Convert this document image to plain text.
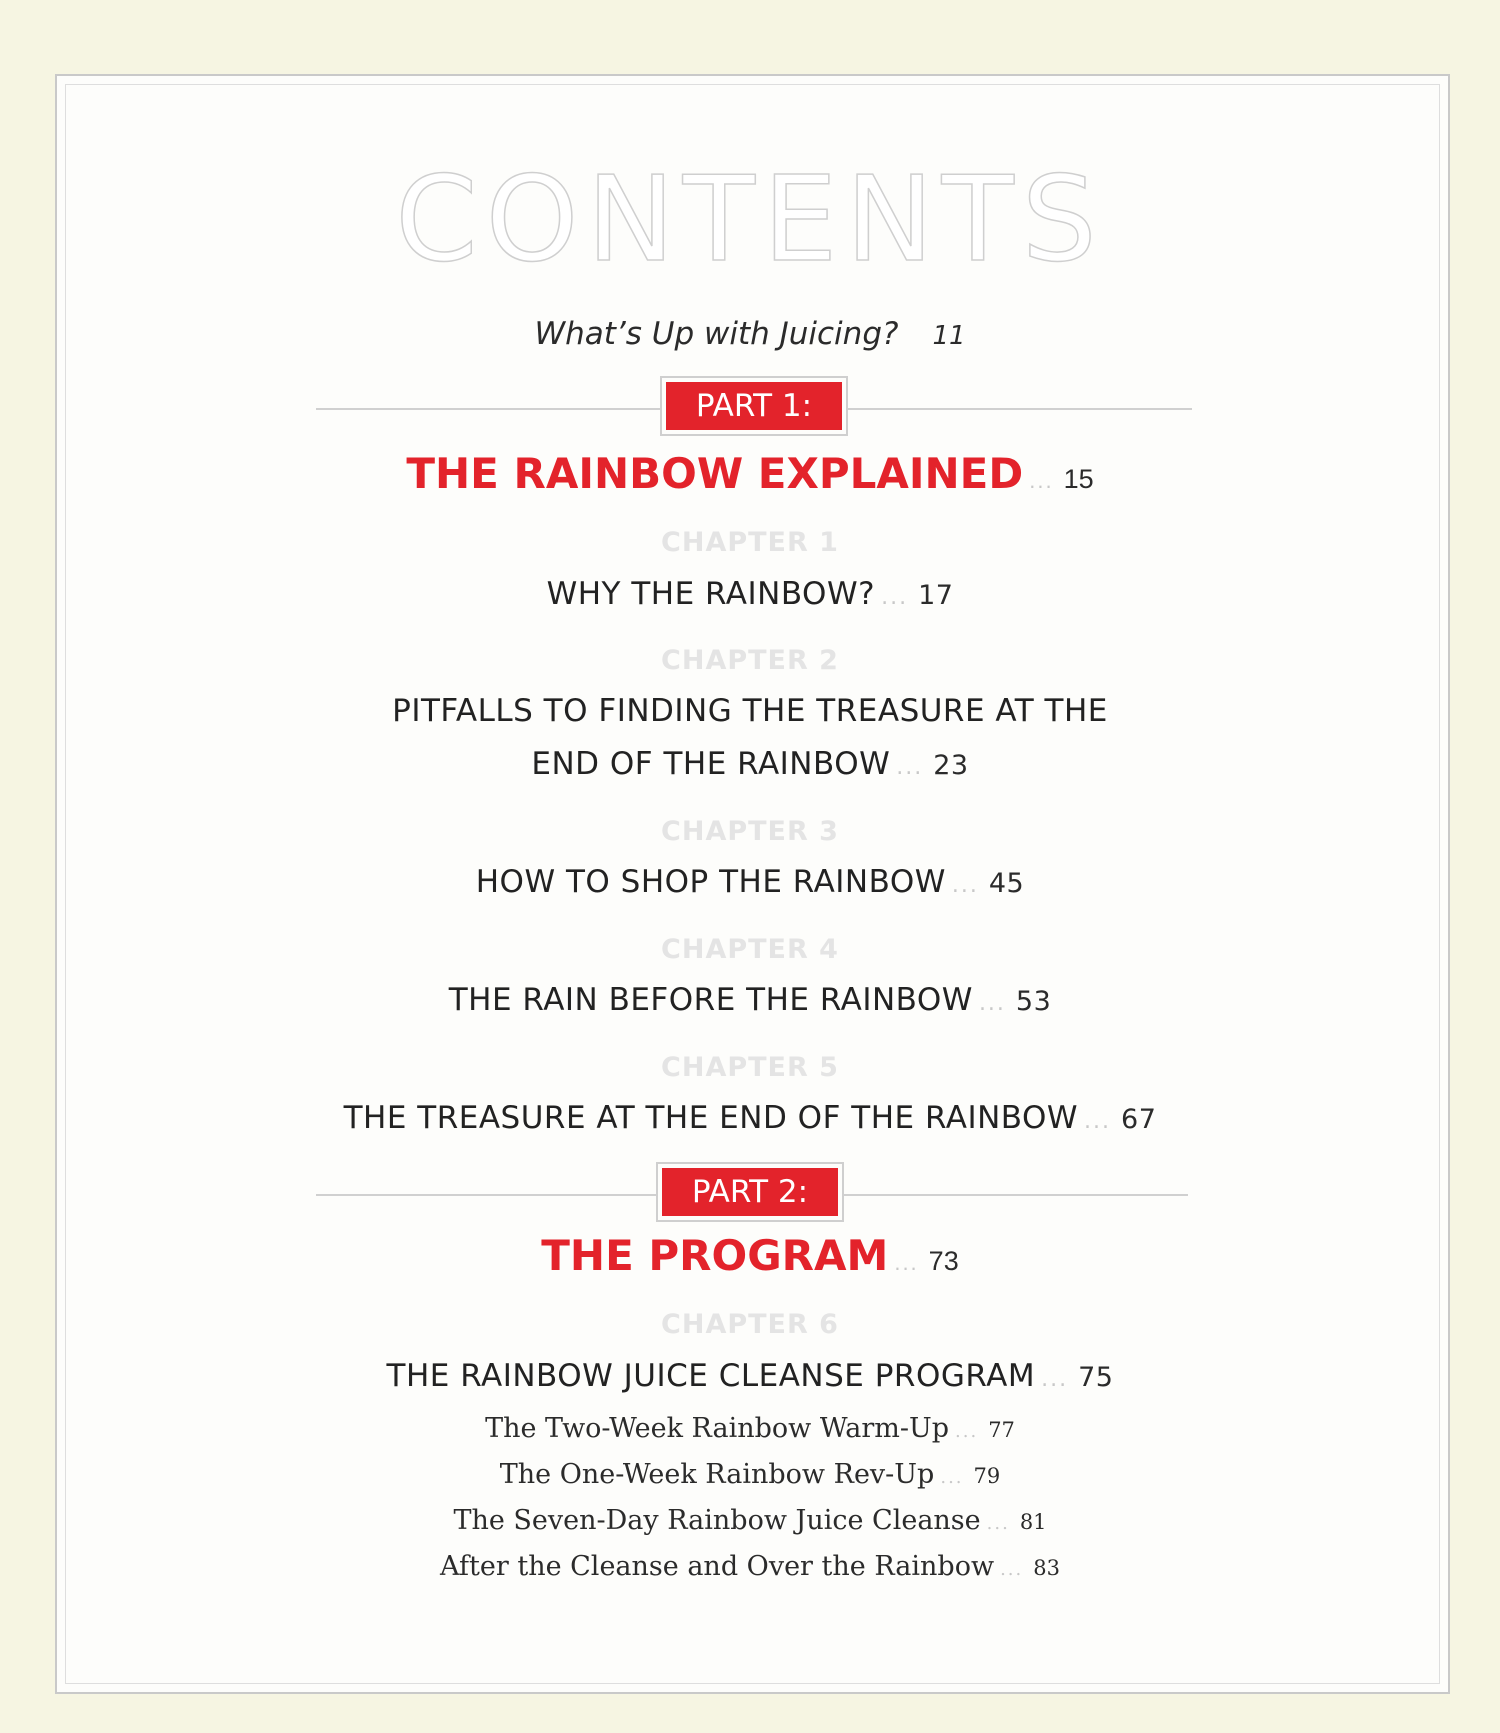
CONTENTS
What’s Up with Juicing? 11
PART 1:
THE RAINBOW EXPLAINED ... 15
CHAPTER 1
WHY THE RAINBOW? ... 17
CHAPTER 2
PITFALLS TO FINDING THE TREASURE AT THE
END OF THE RAINBOW ... 23
CHAPTER 3
HOW TO SHOP THE RAINBOW ... 45
CHAPTER 4
THE RAIN BEFORE THE RAINBOW ... 53
CHAPTER 5
THE TREASURE AT THE END OF THE RAINBOW ... 67
PART 2:
THE PROGRAM ... 73
CHAPTER 6
THE RAINBOW JUICE CLEANSE PROGRAM ... 75
The Two-Week Rainbow Warm-Up ... 77
The One-Week Rainbow Rev-Up ... 79
The Seven-Day Rainbow Juice Cleanse ... 81
After the Cleanse and Over the Rainbow ... 83
